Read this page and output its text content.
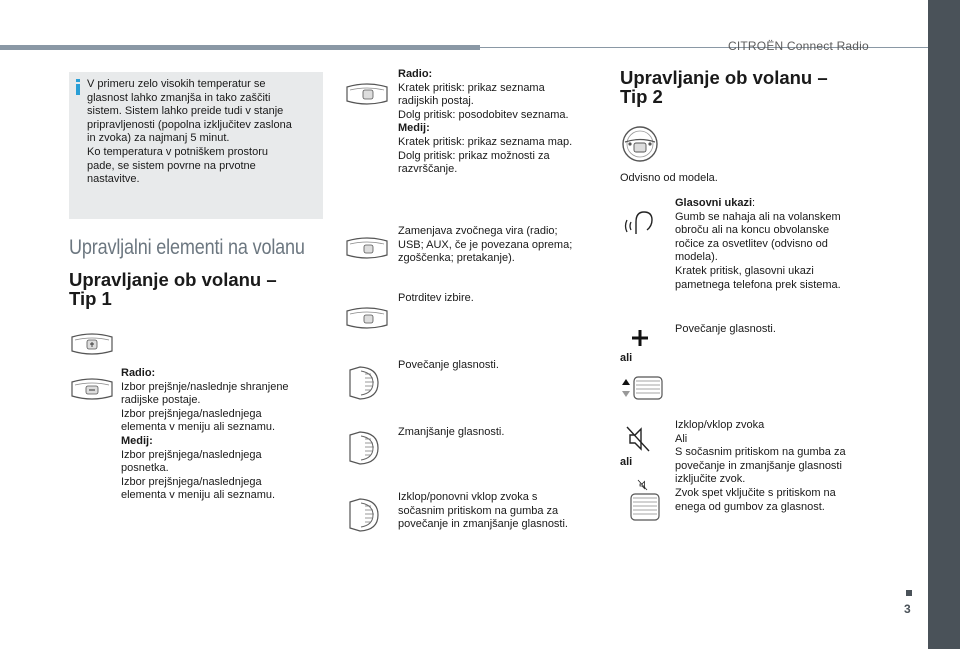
CITROËN Connect Radio
V primeru zelo visokih temperatur se
glasnost lahko zmanjša in tako zaščiti
sistem. Sistem lahko preide tudi v stanje
pripravljenosti (popolna izključitev zaslona
in zvoka) za najmanj 5 minut.
Ko temperatura v potniškem prostoru
pade, se sistem povrne na prvotne
nastavitve.
Upravljalni elementi na volanu
Upravljanje ob volanu –
Tip 1
Radio:
Izbor prejšnje/naslednje shranjene
radijske postaje.
Izbor prejšnjega/naslednjega
elementa v meniju ali seznamu.
Medij:
Izbor prejšnjega/naslednjega
posnetka.
Izbor prejšnjega/naslednjega
elementa v meniju ali seznamu.
Radio:
Kratek pritisk: prikaz seznama
radijskih postaj.
Dolg pritisk: posodobitev seznama.
Medij:
Kratek pritisk: prikaz seznama map.
Dolg pritisk: prikaz možnosti za
razvrščanje.
Zamenjava zvočnega vira (radio;
USB; AUX, če je povezana oprema;
zgoščenka; pretakanje).
Potrditev izbire.
Povečanje glasnosti.
Zmanjšanje glasnosti.
Izklop/ponovni vklop zvoka s
sočasnim pritiskom na gumba za
povečanje in zmanjšanje glasnosti.
Upravljanje ob volanu –
Tip 2
Odvisno od modela.
Glasovni ukazi:
Gumb se nahaja ali na volanskem
obroču ali na koncu obvolanske
ročice za osvetlitev (odvisno od
modela).
Kratek pritisk, glasovni ukazi
pametnega telefona prek sistema.
Povečanje glasnosti.
ali
ali
Izklop/vklop zvoka
Ali
S sočasnim pritiskom na gumba za
povečanje in zmanjšanje glasnosti
izključite zvok.
Zvok spet vključite s pritiskom na
enega od gumbov za glasnost.
3
